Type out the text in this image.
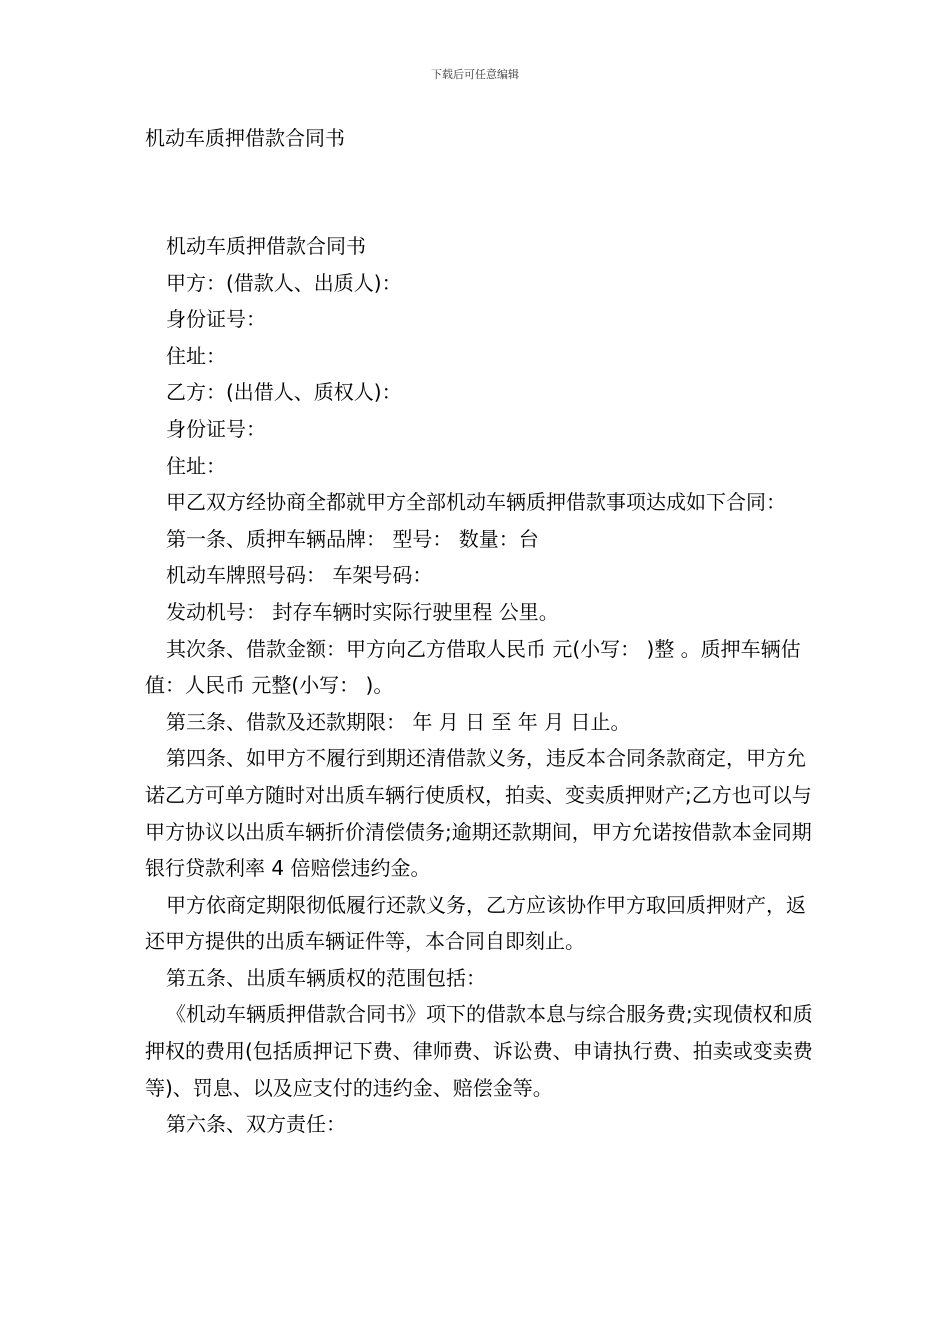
下载后可任意编辑
机动车质押借款合同书

机动车质押借款合同书

甲方：(借款人、出质人)：

身份证号：

住址：

乙方：(出借人、质权人)：

身份证号：

住址：

甲乙双方经协商全都就甲方全部机动车辆质押借款事项达成如下合同：

第一条、质押车辆品牌： 型号： 数量：台

机动车牌照号码： 车架号码：

发动机号： 封存车辆时实际行驶里程 公里。

其次条、借款金额：甲方向乙方借取人民币 元(小写： )整 。质押车辆估值：人民币 元整(小写： )。

第三条、借款及还款期限： 年 月 日 至 年 月 日止。

第四条、如甲方不履行到期还清借款义务，违反本合同条款商定，甲方允诺乙方可单方随时对出质车辆行使质权，拍卖、变卖质押财产;乙方也可以与甲方协议以出质车辆折价清偿债务;逾期还款期间，甲方允诺按借款本金同期银行贷款利率 4 倍赔偿违约金。

甲方依商定期限彻低履行还款义务，乙方应该协作甲方取回质押财产，返还甲方提供的出质车辆证件等，本合同自即刻止。

第五条、出质车辆质权的范围包括：

《机动车辆质押借款合同书》项下的借款本息与综合服务费;实现债权和质押权的费用(包括质押记下费、律师费、诉讼费、申请执行费、拍卖或变卖费等)、罚息、以及应支付的违约金、赔偿金等。

第六条、双方责任：
